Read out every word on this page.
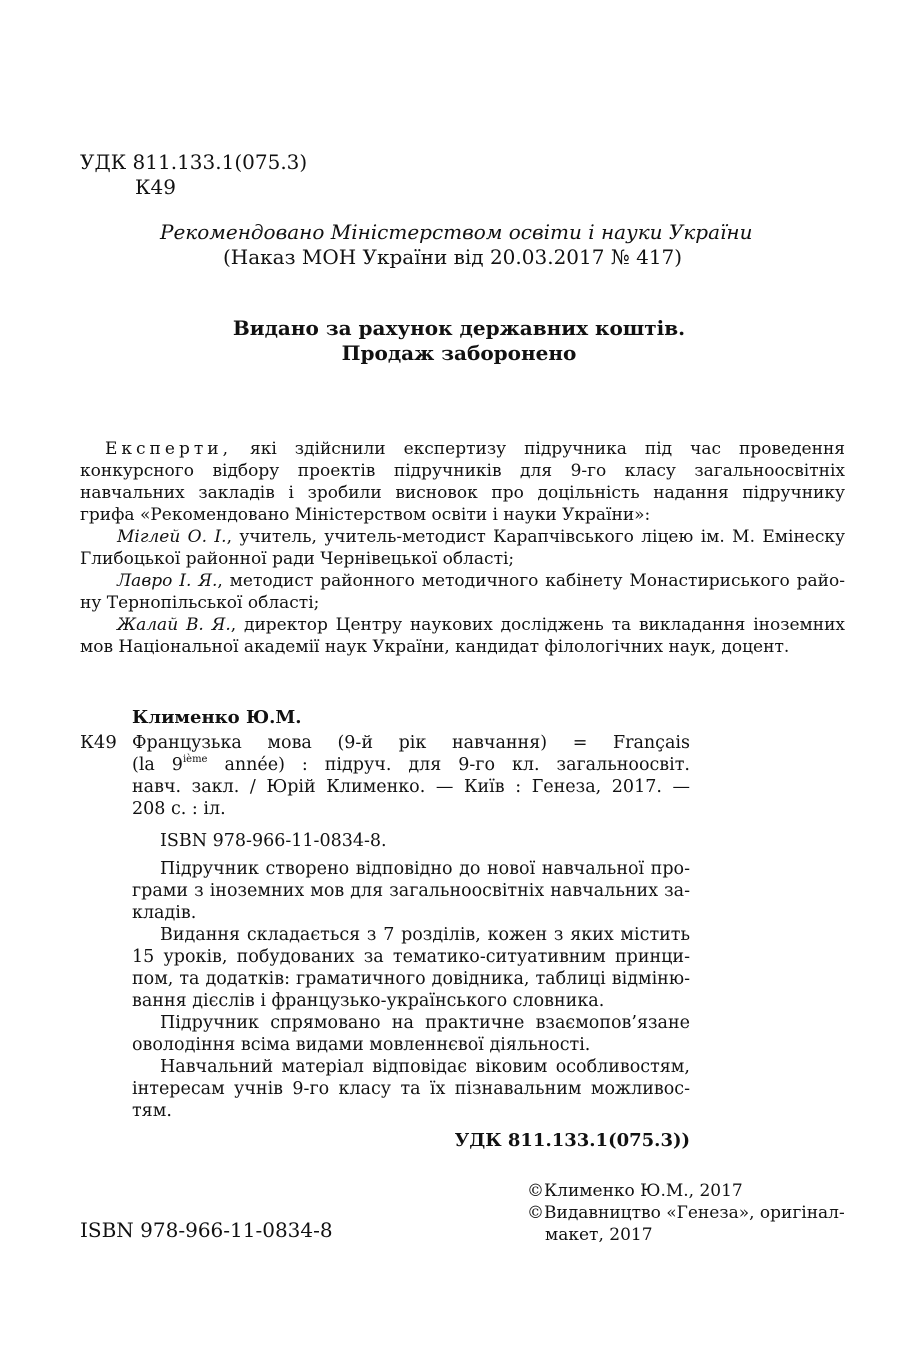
УДК 811.133.1(075.3)
К49
Рекомендовано Міністерством освіти і науки України
(Наказ МОН України від 20.03.2017 № 417)
Видано за рахунок державних коштів.
Продаж заборонено
Експерти, які здійснили експертизу підручника під час проведення
конкурсного відбору проектів підручників для 9-го класу загальноосвітніх
навчальних закладів і зробили висновок про доцільність надання підручнику
грифа «Рекомендовано Міністерством освіти і науки України»:
Міглей О. І., учитель, учитель-методист Карапчівського ліцею ім. М. Емінеску
Глибоцької районної ради Чернівецької області;
Лавро І. Я., методист районного методичного кабінету Монастириського райо-
ну Тернопільської області;
Жалай В. Я., директор Центру наукових досліджень та викладання іноземних
мов Національної академії наук України, кандидат філологічних наук, доцент.
Клименко Ю.М.
К49 Французька мова (9-й рік навчання) = Français
(la 9ième année) : підруч. для 9-го кл. загальноосвіт.
навч. закл. / Юрій Клименко. — Київ : Генеза, 2017. —
208 с. : іл.
ISBN 978-966-11-0834-8.
Підручник створено відповідно до нової навчальної про-
грами з іноземних мов для загальноосвітніх навчальних за-
кладів.
Видання складається з 7 розділів, кожен з яких містить
15 уроків, побудованих за тематико-ситуативним принци-
пом, та додатків: граматичного довідника, таблиці відміню-
вання дієслів і французько-українського словника.
Підручник спрямовано на практичне взаємопов’язане
оволодіння всіма видами мовленнєвої діяльності.
Навчальний матеріал відповідає віковим особливостям,
інтересам учнів 9-го класу та їх пізнавальним можливос-
тям.
УДК 811.133.1(075.3))
ISBN 978-966-11-0834-8
©Клименко Ю.М., 2017
©Видавництво «Генеза», оригінал-
макет, 2017
